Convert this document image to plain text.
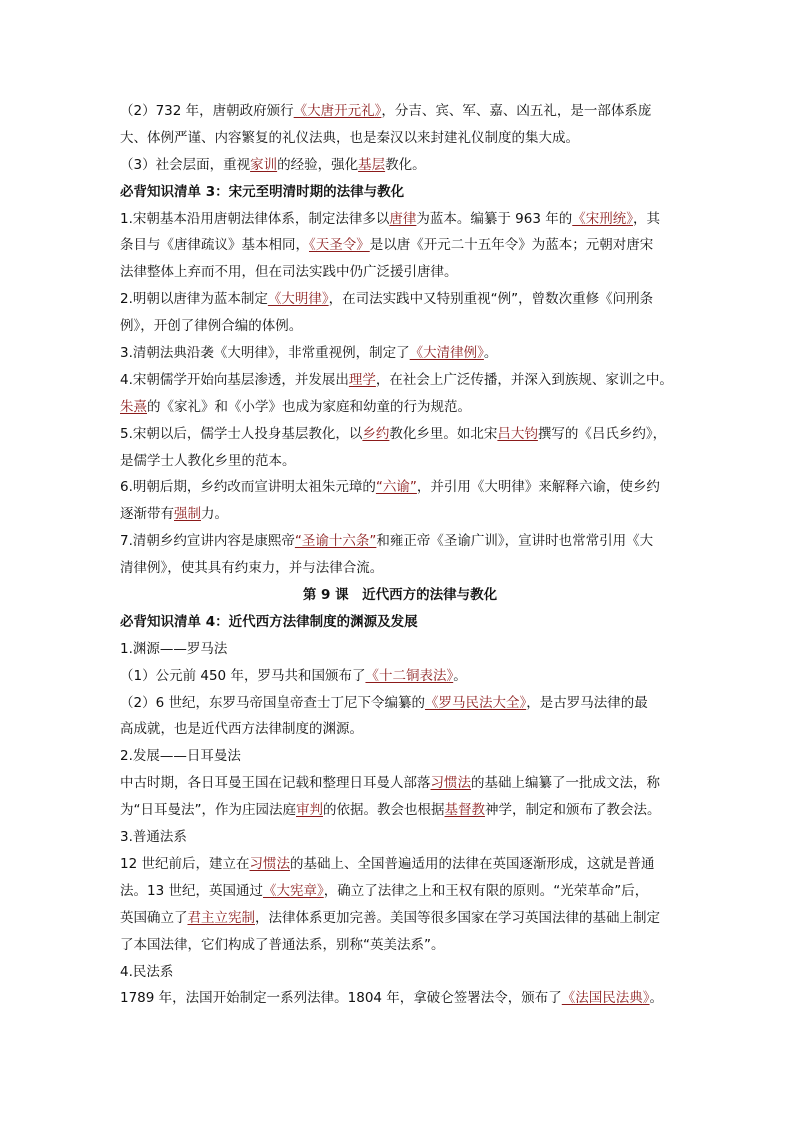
（2）732 年，唐朝政府颁行《大唐开元礼》，分吉、宾、军、嘉、凶五礼，是一部体系庞
大、体例严谨、内容繁复的礼仪法典，也是秦汉以来封建礼仪制度的集大成。
（3）社会层面，重视家训的经验，强化基层教化。
必背知识清单 3：宋元至明清时期的法律与教化
1.宋朝基本沿用唐朝法律体系，制定法律多以唐律为蓝本。编纂于 963 年的《宋刑统》，其
条目与《唐律疏议》基本相同，《天圣令》是以唐《开元二十五年令》为蓝本；元朝对唐宋
法律整体上弃而不用，但在司法实践中仍广泛援引唐律。
2.明朝以唐律为蓝本制定《大明律》，在司法实践中又特别重视“例”，曾数次重修《问刑条
例》，开创了律例合编的体例。
3.清朝法典沿袭《大明律》，非常重视例，制定了《大清律例》。
4.宋朝儒学开始向基层渗透，并发展出理学，在社会上广泛传播，并深入到族规、家训之中。
朱熹的《家礼》和《小学》也成为家庭和幼童的行为规范。
5.宋朝以后，儒学士人投身基层教化，以乡约教化乡里。如北宋吕大钧撰写的《吕氏乡约》，
是儒学士人教化乡里的范本。
6.明朝后期，乡约改而宣讲明太祖朱元璋的“六谕”，并引用《大明律》来解释六谕，使乡约
逐渐带有强制力。
7.清朝乡约宣讲内容是康熙帝“圣谕十六条”和雍正帝《圣谕广训》，宣讲时也常常引用《大
清律例》，使其具有约束力，并与法律合流。
第 9 课　近代西方的法律与教化
必背知识清单 4：近代西方法律制度的渊源及发展
1.渊源——罗马法
（1）公元前 450 年，罗马共和国颁布了《十二铜表法》。
（2）6 世纪，东罗马帝国皇帝查士丁尼下令编纂的《罗马民法大全》，是古罗马法律的最
高成就，也是近代西方法律制度的渊源。
2.发展——日耳曼法
中古时期，各日耳曼王国在记载和整理日耳曼人部落习惯法的基础上编纂了一批成文法，称
为“日耳曼法”，作为庄园法庭审判的依据。教会也根据基督教神学，制定和颁布了教会法。
3.普通法系
12 世纪前后，建立在习惯法的基础上、全国普遍适用的法律在英国逐渐形成，这就是普通
法。13 世纪，英国通过《大宪章》，确立了法律之上和王权有限的原则。“光荣革命”后，
英国确立了君主立宪制，法律体系更加完善。美国等很多国家在学习英国法律的基础上制定
了本国法律，它们构成了普通法系，别称“英美法系”。
4.民法系
1789 年，法国开始制定一系列法律。1804 年，拿破仑签署法令，颁布了《法国民法典》。
